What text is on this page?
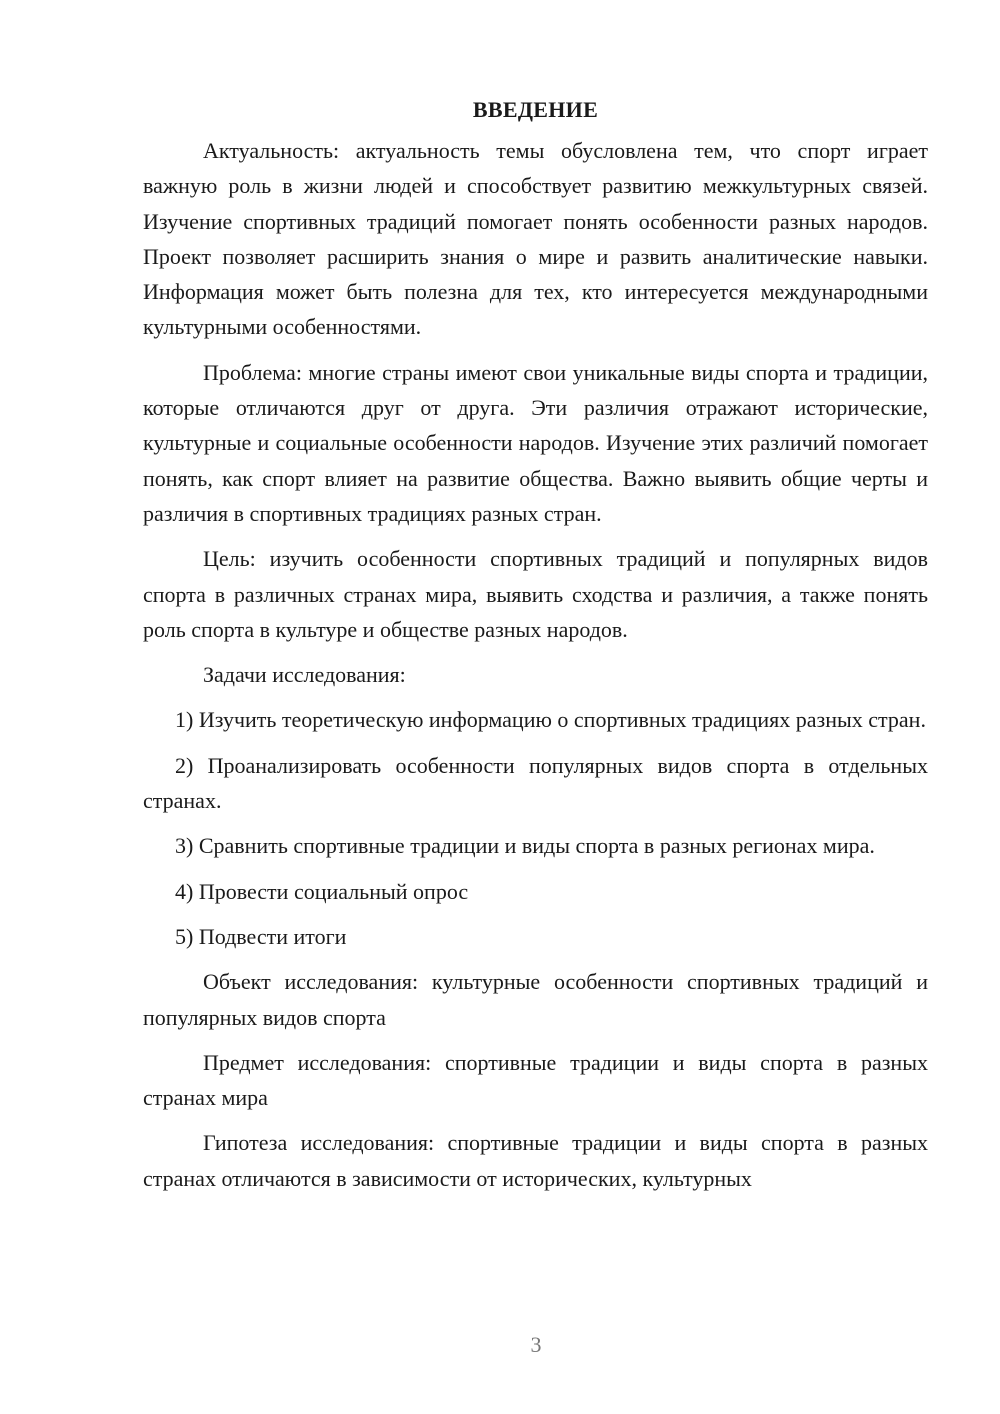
ВВЕДЕНИЕ

Актуальность: актуальность темы обусловлена тем, что спорт играет важную роль в жизни людей и способствует развитию межкультурных связей. Изучение спортивных традиций помогает понять особенности разных народов. Проект позволяет расширить знания о мире и развить аналитические навыки. Информация может быть полезна для тех, кто интересуется международными культурными особенностями.

Проблема: многие страны имеют свои уникальные виды спорта и традиции, которые отличаются друг от друга. Эти различия отражают исторические, культурные и социальные особенности народов. Изучение этих различий помогает понять, как спорт влияет на развитие общества. Важно выявить общие черты и различия в спортивных традициях разных стран.

Цель: изучить особенности спортивных традиций и популярных видов спорта в различных странах мира, выявить сходства и различия, а также понять роль спорта в культуре и обществе разных народов.

Задачи исследования:

1) Изучить теоретическую информацию о спортивных традициях разных стран.

2) Проанализировать особенности популярных видов спорта в отдельных странах.

3) Сравнить спортивные традиции и виды спорта в разных регионах мира.

4) Провести социальный опрос

5) Подвести итоги

Объект исследования: культурные особенности спортивных традиций и популярных видов спорта

Предмет исследования: спортивные традиции и виды спорта в разных странах мира

Гипотеза исследования: спортивные традиции и виды спорта в разных странах отличаются в зависимости от исторических, культурных

3
